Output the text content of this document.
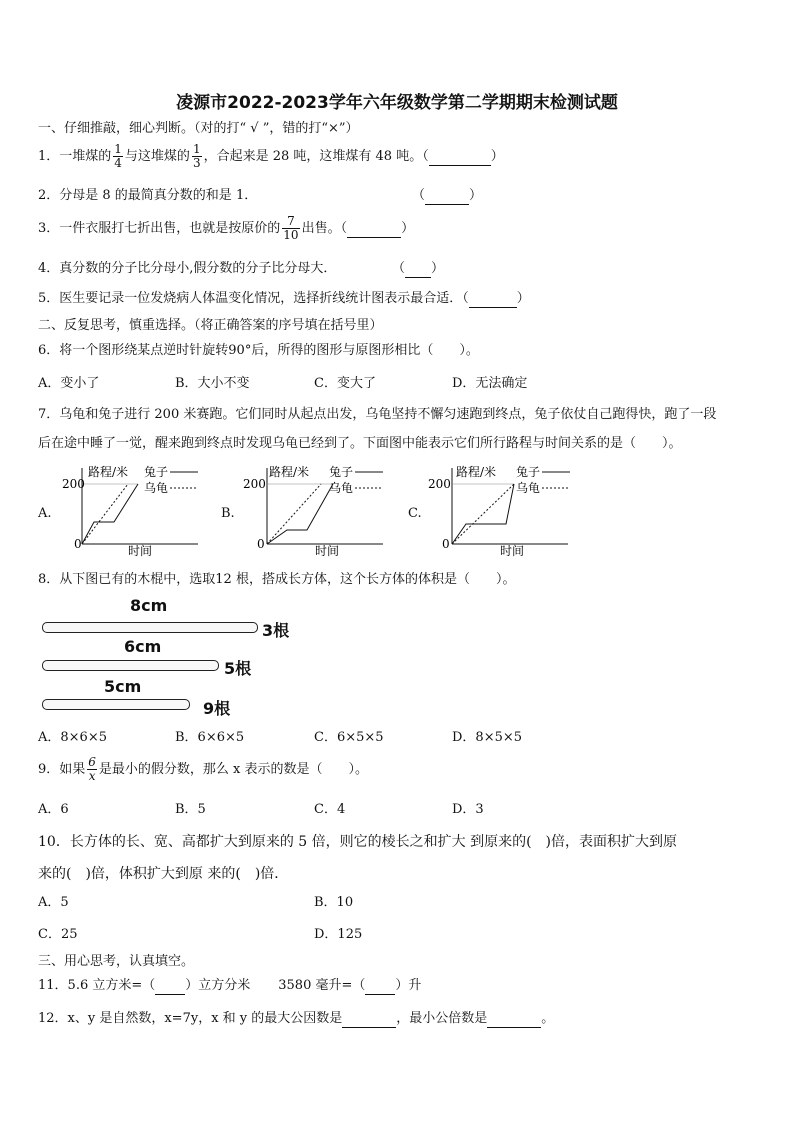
凌源市2022-2023学年六年级数学第二学期期末检测试题
一、仔细推敲，细心判断。（对的打“ √ ”，错的打“×”）
1．一堆煤的 $\frac{1}{4}$ 与这堆煤的 $\frac{1}{3}$ ，合起来是 28 吨，这堆煤有 48 吨。（	）
2．分母是 8 的最简真分数的和是 1．	（	）
3．一件衣服打七折出售，也就是按原价的 $\frac{7}{10}$ 出售。（	）
4．真分数的分子比分母小,假分数的分子比分母大．	（ ）
5．医生要记录一位发烧病人体温变化情况，选择折线统计图表示最合适．（	）
二、反复思考，慎重选择。（将正确答案的序号填在括号里）
6．将一个图形绕某点逆时针旋转90°后，所得的图形与原图形相比（　　）。
A．变小了	B．大小不变	C．变大了	D．无法确定
7．乌龟和兔子进行 200 米赛跑。它们同时从起点出发，乌龟坚持不懈匀速跑到终点，兔子依仗自己跑得快，跑了一段
后在途中睡了一觉，醒来跑到终点时发现乌龟已经到了。下面图中能表示它们所行路程与时间关系的是（　　）。
A.	B.	C.
路程/米
200
0	时间
兔子
乌龟
路程/米
200
0	时间
兔子
乌龟
路程/米
200
0	时间
兔子
乌龟
8．从下图已有的木棍中，选取12 根，搭成长方体，这个长方体的体积是（　　）。
8cm
3根
6cm
5根
5cm
9根
A．8×6×5	B．6×6×5	C．6×5×5	D．8×5×5
9．如果 $\frac{6}{x}$ 是最小的假分数，那么 x 表示的数是（　　）。
A．6	B．5	C．4	D．3
10．长方体的长、宽、高都扩大到原来的 5 倍，则它的棱长之和扩大 到原来的(　)倍，表面积扩大到原
来的(　)倍，体积扩大到原 来的(　)倍．
A．5	B．10
C．25	D．125
三、用心思考，认真填空。
11．5.6 立方米=（ ）立方分米 3580 毫升=（ ）升
12．x、y 是自然数，x=7y，x 和 y 的最大公因数是	，最小公倍数是	。
